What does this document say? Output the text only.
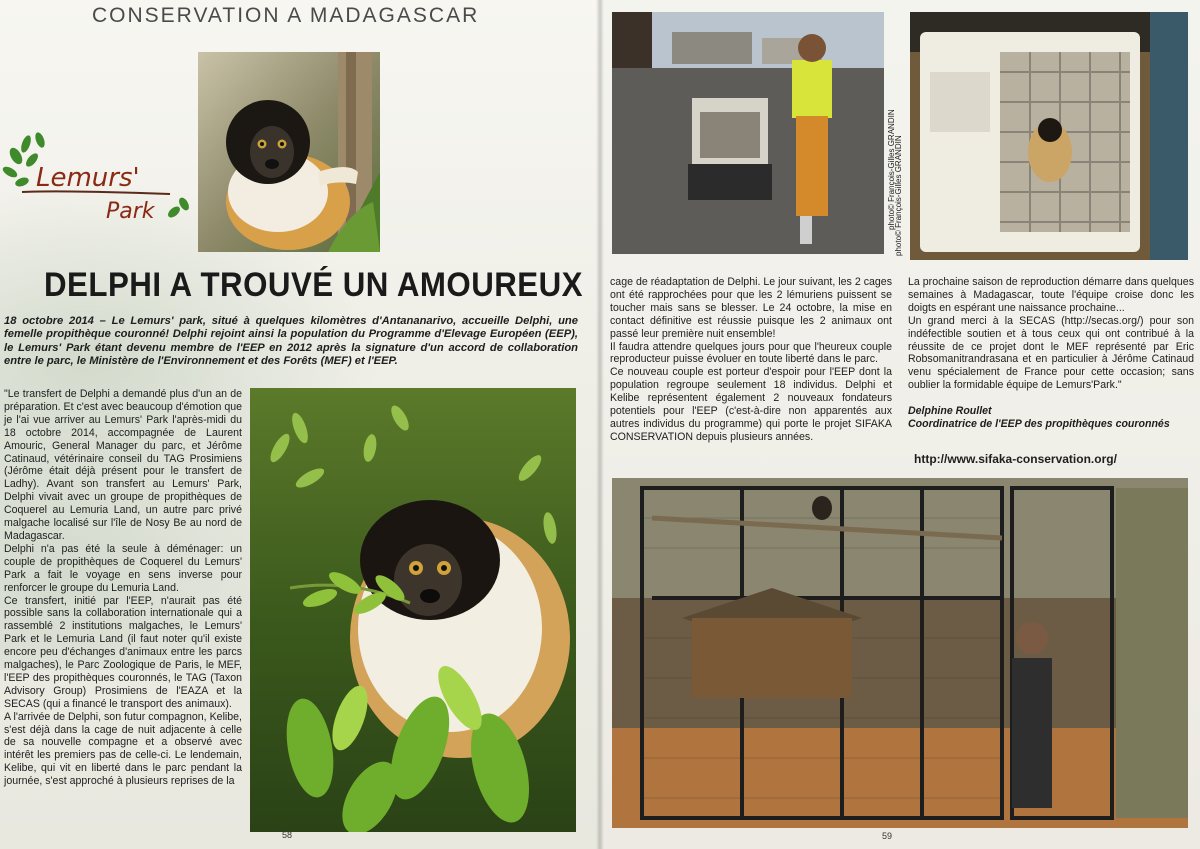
CONSERVATION A MADAGASCAR
Lemurs'
Park
DELPHI A TROUVÉ UN AMOUREUX
18 octobre 2014 – Le Lemurs' park, situé à quelques kilomètres d'Antananarivo, accueille Delphi, une femelle propithèque couronné! Delphi rejoint ainsi la population du Programme d'Elevage Européen (EEP), le Lemurs' Park étant devenu membre de l'EEP en 2012 après la signature d'un accord de collaboration entre le parc, le Ministère de l'Environnement et des Forêts (MEF) et l'EEP.

"Le transfert de Delphi a demandé plus d'un an de préparation. Et c'est avec beaucoup d'émotion que je l'ai vue arriver au Lemurs' Park l'après-midi du 18 octobre 2014, accompagnée de Laurent Amouric, General Manager du parc, et Jérôme Catinaud, vétérinaire conseil du TAG Prosimiens (Jérôme était déjà présent pour le transfert de Ladhy). Avant son transfert au Lemurs' Park, Delphi vivait avec un groupe de propithèques de Coquerel au Lemuria Land, un autre parc privé malgache localisé sur l'île de Nosy Be au nord de Madagascar.

Delphi n'a pas été la seule à déménager: un couple de propithèques de Coquerel du Lemurs' Park a fait le voyage en sens inverse pour renforcer le groupe du Lemuria Land.

Ce transfert, initié par l'EEP, n'aurait pas été possible sans la collaboration internationale qui a rassemblé 2 institutions malgaches, le Lemurs' Park et le Lemuria Land (il faut noter qu'il existe encore peu d'échanges d'animaux entre les parcs malgaches), le Parc Zoologique de Paris, le MEF, l'EEP des propithèques couronnés, le TAG (Taxon Advisory Group) Prosimiens de l'EAZA et la SECAS (qui a financé le transport des animaux).

A l'arrivée de Delphi, son futur compagnon, Kelibe, s'est déjà dans la cage de nuit adjacente à celle de sa nouvelle compagne et a observé avec intérêt les premiers pas de celle-ci. Le lendemain, Kelibe, qui vit en liberté dans le parc pendant la journée, s'est approché à plusieurs reprises de la

58
photo© François-Gilles GRANDIN
photo© François-Gilles GRANDIN

cage de réadaptation de Delphi. Le jour suivant, les 2 cages ont été rapprochées pour que les 2 lémuriens puissent se toucher mais sans se blesser. Le 24 octobre, la mise en contact définitive est réussie puisque les 2 animaux ont passé leur première nuit ensemble!

Il faudra attendre quelques jours pour que l'heureux couple reproducteur puisse évoluer en toute liberté dans le parc.

Ce nouveau couple est porteur d'espoir pour l'EEP dont la population regroupe seulement 18 individus. Delphi et Kelibe représentent également 2 nouveaux fondateurs potentiels pour l'EEP (c'est-à-dire non apparentés aux autres individus du programme) qui porte le projet SIFAKA CONSERVATION depuis plusieurs années.

La prochaine saison de reproduction démarre dans quelques semaines à Madagascar, toute l'équipe croise donc les doigts en espérant une naissance prochaine...

Un grand merci à la SECAS (http://secas.org/) pour son indéfectible soutien et à tous ceux qui ont contribué à la réussite de ce projet dont le MEF représenté par Eric Robsomanitrandrasana et en particulier à Jérôme Catinaud venu spécialement de France pour cette occasion; sans oublier la formidable équipe de Lemurs'Park."

Delphine Roullet

Coordinatrice de l'EEP des propithèques couronnés

http://www.sifaka-conservation.org/
59
